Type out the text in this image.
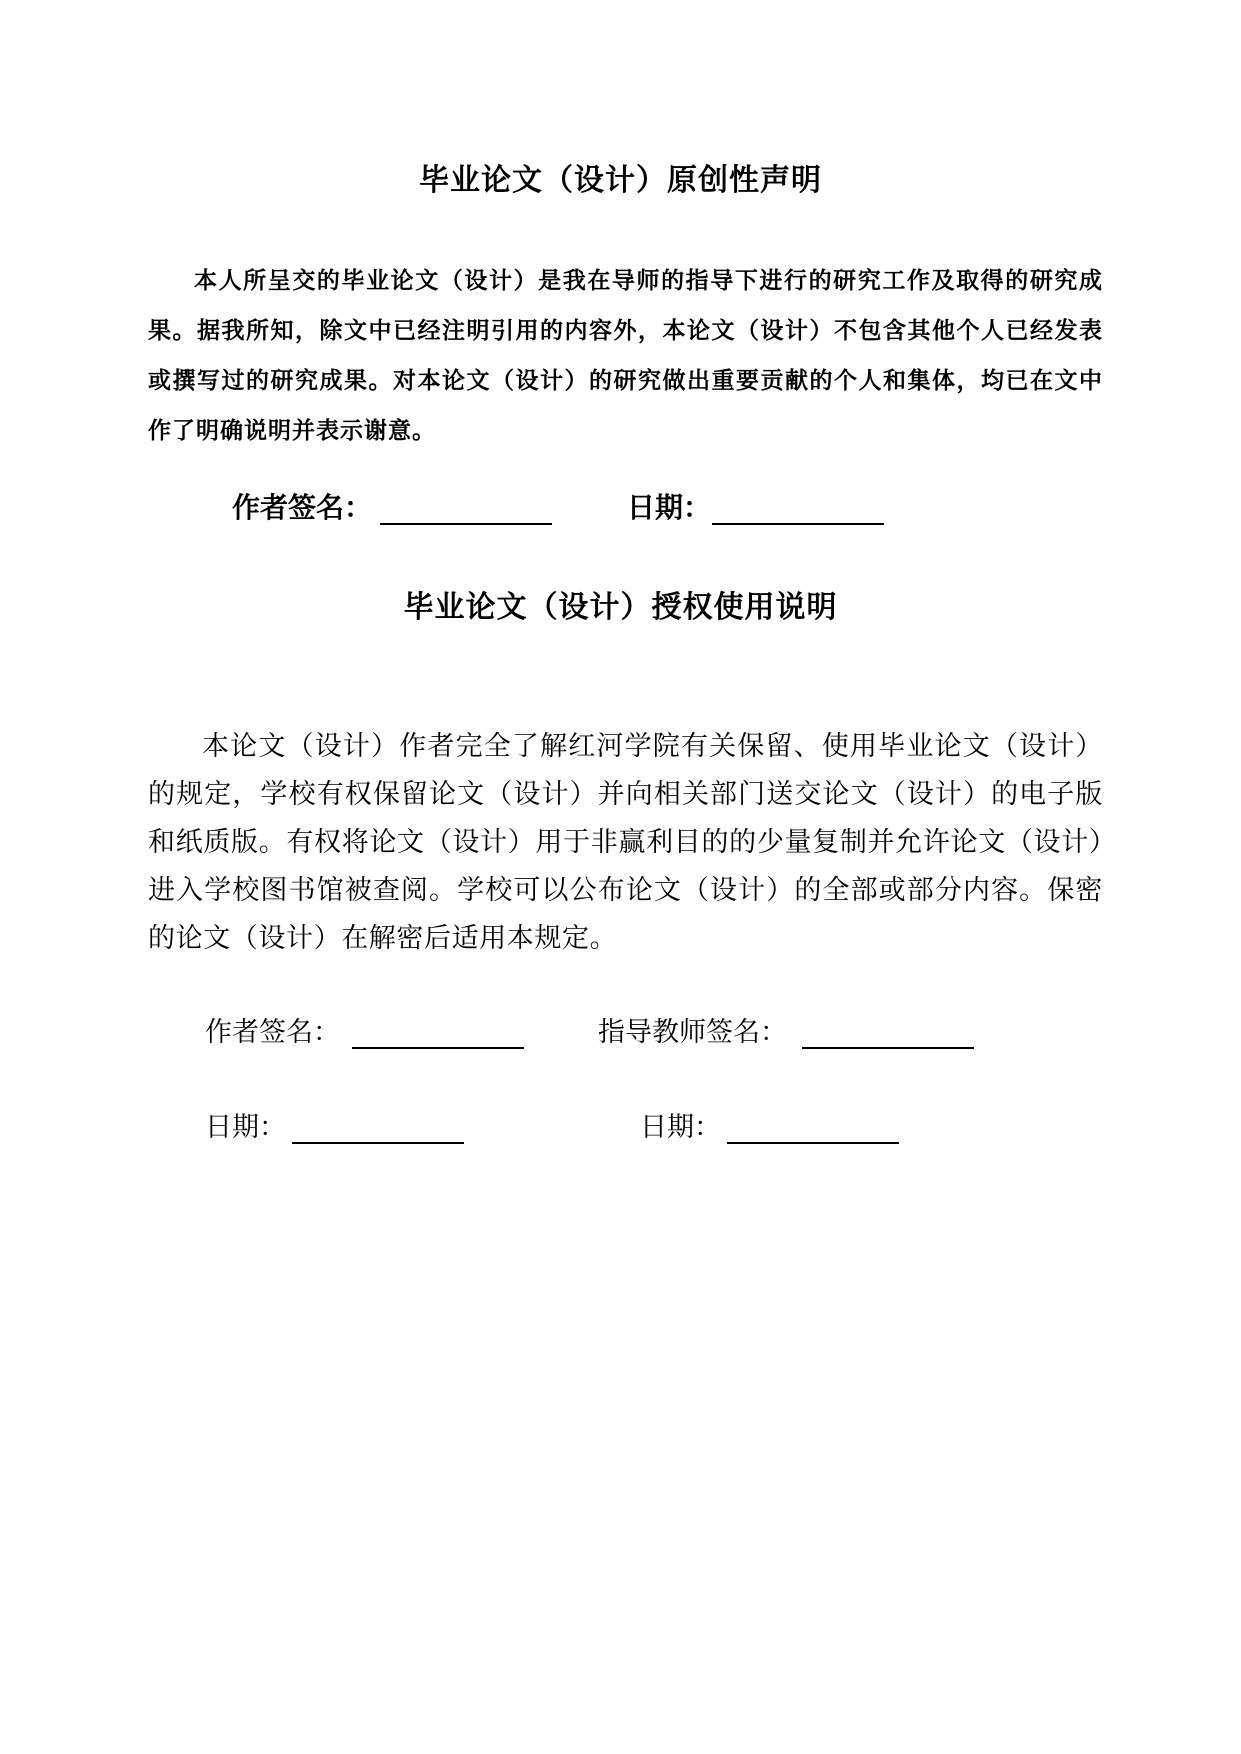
毕业论文（设计）原创性声明

本人所呈交的毕业论文（设计）是我在导师的指导下进行的研究工作及取得的研究成果。据我所知，除文中已经注明引用的内容外，本论文（设计）不包含其他个人已经发表或撰写过的研究成果。对本论文（设计）的研究做出重要贡献的个人和集体，均已在文中作了明确说明并表示谢意。

作者签名：	日期：
毕业论文（设计）授权使用说明

本论文（设计）作者完全了解红河学院有关保留、使用毕业论文（设计）的规定，学校有权保留论文（设计）并向相关部门送交论文（设计）的电子版和纸质版。有权将论文（设计）用于非赢利目的的少量复制并允许论文（设计）进入学校图书馆被查阅。学校可以公布论文（设计）的全部或部分内容。保密的论文（设计）在解密后适用本规定。

作者签名：	指导教师签名：
日期：	日期：
